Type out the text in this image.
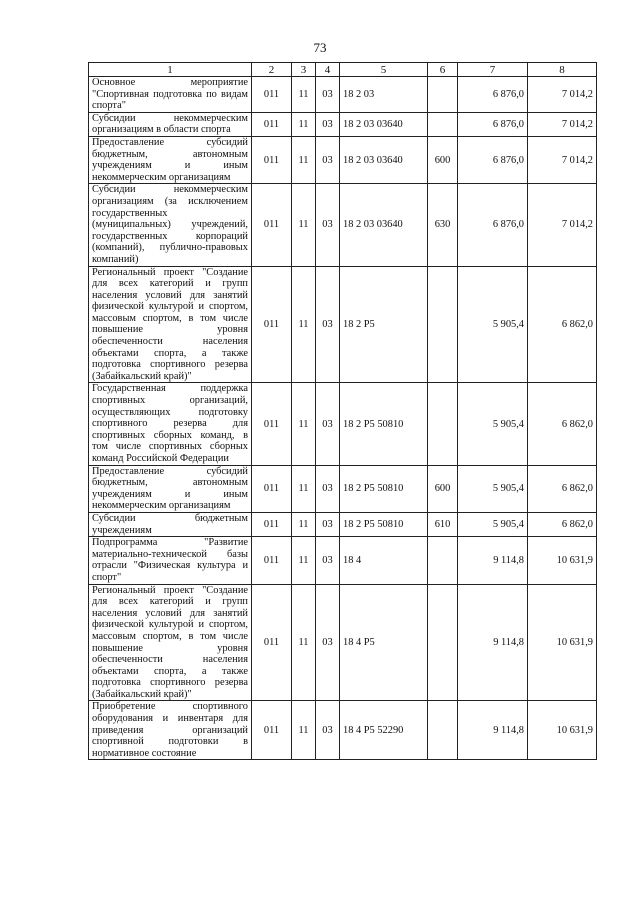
73
1	2	3	4	5	6	7	8
Основное мероприятие "Спортивная подготовка по видам спорта"	011	11	03	18 2 03		6 876,0	7 014,2
Субсидии некоммерческим организациям в области спорта	011	11	03	18 2 03 03640		6 876,0	7 014,2
Предоставление субсидий бюджетным, автономным учреждениям и иным некоммерческим организациям	011	11	03	18 2 03 03640	600	6 876,0	7 014,2
Субсидии некоммерческим организациям (за исключением государственных (муниципальных) учреждений, государственных корпораций (компаний), публично-правовых компаний)	011	11	03	18 2 03 03640	630	6 876,0	7 014,2
Региональный проект "Создание для всех категорий и групп населения условий для занятий физической культурой и спортом, массовым спортом, в том числе повышение уровня обеспеченности населения объектами спорта, а также подготовка спортивного резерва (Забайкальский край)"	011	11	03	18 2 Р5		5 905,4	6 862,0
Государственная поддержка спортивных организаций, осуществляющих подготовку спортивного резерва для спортивных сборных команд, в том числе спортивных сборных команд Российской Федерации	011	11	03	18 2 Р5 50810		5 905,4	6 862,0
Предоставление субсидий бюджетным, автономным учреждениям и иным некоммерческим организациям	011	11	03	18 2 Р5 50810	600	5 905,4	6 862,0
Субсидии бюджетным учреждениям	011	11	03	18 2 Р5 50810	610	5 905,4	6 862,0
Подпрограмма "Развитие материально-технической базы отрасли "Физическая культура и спорт"	011	11	03	18 4		9 114,8	10 631,9
Региональный проект "Создание для всех категорий и групп населения условий для занятий физической культурой и спортом, массовым спортом, в том числе повышение уровня обеспеченности населения объектами спорта, а также подготовка спортивного резерва (Забайкальский край)"	011	11	03	18 4 Р5		9 114,8	10 631,9
Приобретение спортивного оборудования и инвентаря для приведения организаций спортивной подготовки в нормативное состояние	011	11	03	18 4 Р5 52290		9 114,8	10 631,9
